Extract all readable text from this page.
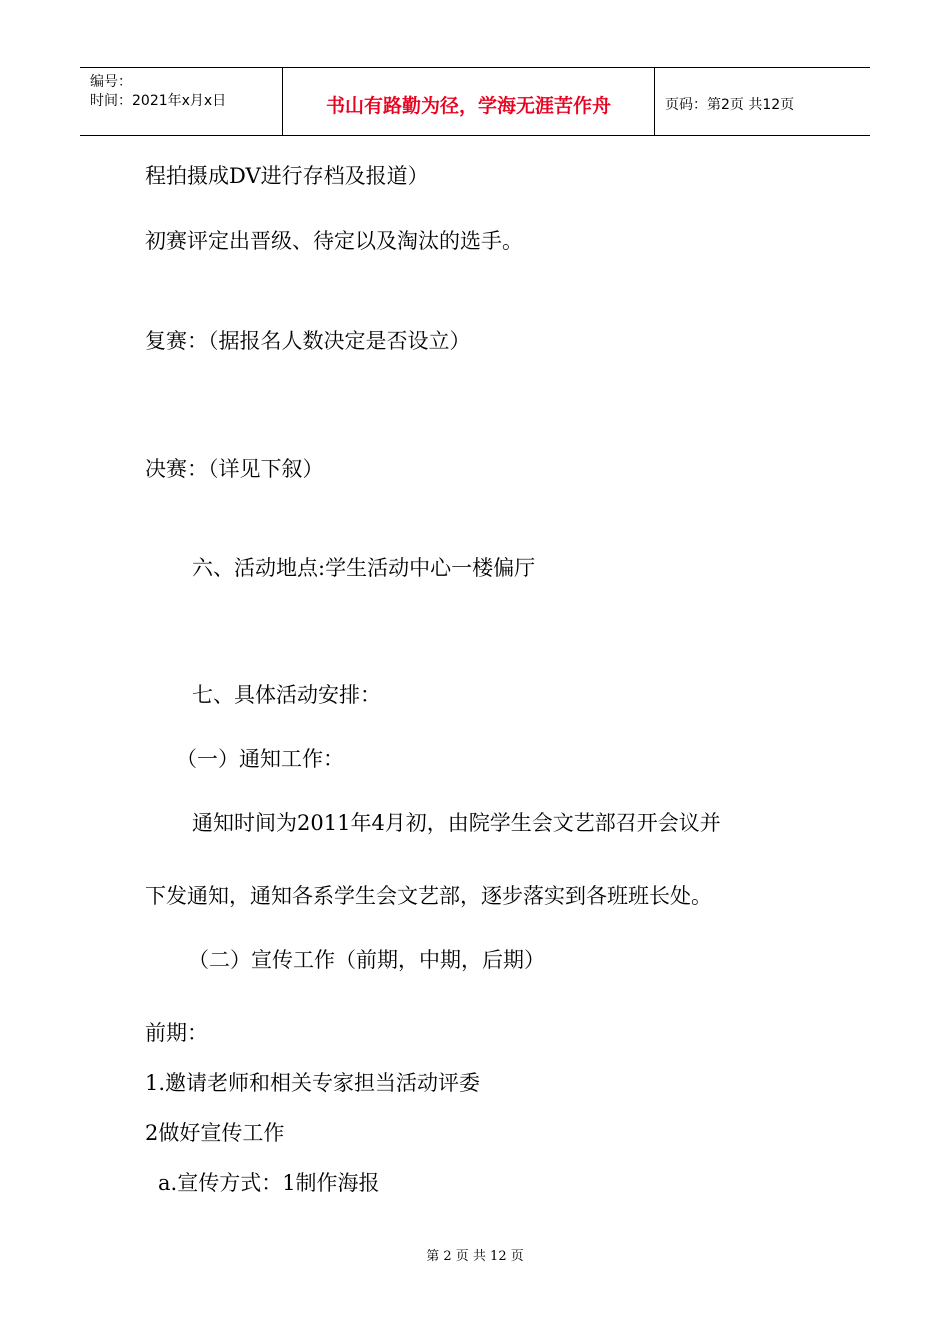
编号：
时间：2021年x月x日	书山有路勤为径，学海无涯苦作舟	页码：第2页 共12页
程拍摄成DV进行存档及报道）
初赛评定出晋级、待定以及淘汰的选手。
复赛：（据报名人数决定是否设立）
决赛：（详见下叙）
六、活动地点:学生活动中心一楼偏厅
七、具体活动安排：
（一）通知工作：
通知时间为2011年4月初，由院学生会文艺部召开会议并
下发通知，通知各系学生会文艺部，逐步落实到各班班长处。
（二）宣传工作（前期，中期，后期）
前期：
1.邀请老师和相关专家担当活动评委
2做好宣传工作
a.宣传方式：1制作海报
第 2 页 共 12 页
